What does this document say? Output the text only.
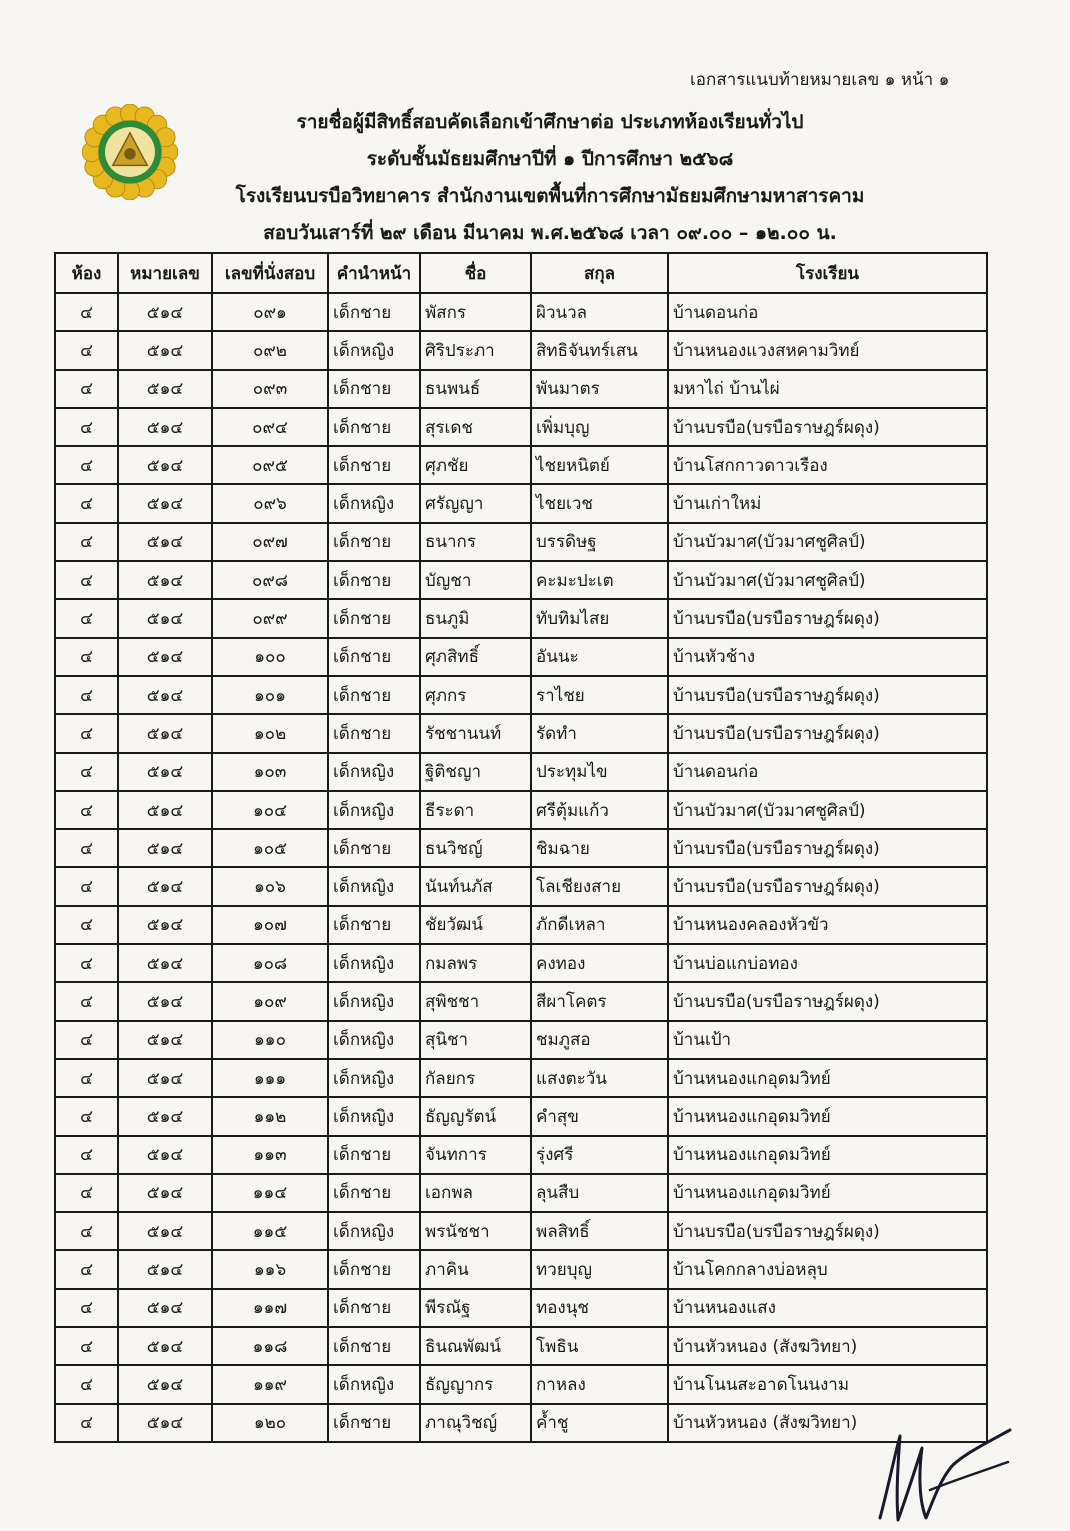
เอกสารแนบท้ายหมายเลข ๑ หน้า ๑
รายชื่อผู้มีสิทธิ์สอบคัดเลือกเข้าศึกษาต่อ ประเภทห้องเรียนทั่วไป
ระดับชั้นมัธยมศึกษาปีที่ ๑ ปีการศึกษา ๒๕๖๘
โรงเรียนบรบือวิทยาคาร สำนักงานเขตพื้นที่การศึกษามัธยมศึกษามหาสารคาม
สอบวันเสาร์ที่ ๒๙ เดือน มีนาคม พ.ศ.๒๕๖๘ เวลา ๐๙.๐๐ – ๑๒.๐๐ น.
ห้อง	หมายเลข	เลขที่นั่งสอบ	คำนำหน้า	ชื่อ	สกุล	โรงเรียน
๔	๕๑๔	๐๙๑	เด็กชาย	พัสกร	ผิวนวล	บ้านดอนก่อ
๔	๕๑๔	๐๙๒	เด็กหญิง	ศิริประภา	สิทธิจันทร์เสน	บ้านหนองแวงสหคามวิทย์
๔	๕๑๔	๐๙๓	เด็กชาย	ธนพนธ์	พันมาตร	มหาไถ่ บ้านไผ่
๔	๕๑๔	๐๙๔	เด็กชาย	สุรเดช	เพิ่มบุญ	บ้านบรบือ(บรบือราษฎร์ผดุง)
๔	๕๑๔	๐๙๕	เด็กชาย	ศุภชัย	ไชยหนิตย์	บ้านโสกกาวดาวเรือง
๔	๕๑๔	๐๙๖	เด็กหญิง	ศรัญญา	ไชยเวช	บ้านเก่าใหม่
๔	๕๑๔	๐๙๗	เด็กชาย	ธนากร	บรรดิษฐ	บ้านบัวมาศ(บัวมาศชูศิลป์)
๔	๕๑๔	๐๙๘	เด็กชาย	บัญชา	คะมะปะเต	บ้านบัวมาศ(บัวมาศชูศิลป์)
๔	๕๑๔	๐๙๙	เด็กชาย	ธนภูมิ	ทับทิมไสย	บ้านบรบือ(บรบือราษฎร์ผดุง)
๔	๕๑๔	๑๐๐	เด็กชาย	ศุภสิทธิ์	อันนะ	บ้านหัวช้าง
๔	๕๑๔	๑๐๑	เด็กชาย	ศุภกร	ราไชย	บ้านบรบือ(บรบือราษฎร์ผดุง)
๔	๕๑๔	๑๐๒	เด็กชาย	รัชชานนท์	รัดทำ	บ้านบรบือ(บรบือราษฎร์ผดุง)
๔	๕๑๔	๑๐๓	เด็กหญิง	ฐิติชญา	ประทุมไข	บ้านดอนก่อ
๔	๕๑๔	๑๐๔	เด็กหญิง	ธีระดา	ศรีตุ้มแก้ว	บ้านบัวมาศ(บัวมาศชูศิลป์)
๔	๕๑๔	๑๐๕	เด็กชาย	ธนวิชญ์	ชิมฉาย	บ้านบรบือ(บรบือราษฎร์ผดุง)
๔	๕๑๔	๑๐๖	เด็กหญิง	นันท์นภัส	โลเชียงสาย	บ้านบรบือ(บรบือราษฎร์ผดุง)
๔	๕๑๔	๑๐๗	เด็กชาย	ชัยวัฒน์	ภักดีเหลา	บ้านหนองคลองหัวขัว
๔	๕๑๔	๑๐๘	เด็กหญิง	กมลพร	คงทอง	บ้านบ่อแกบ่อทอง
๔	๕๑๔	๑๐๙	เด็กหญิง	สุพิชชา	สีผาโคตร	บ้านบรบือ(บรบือราษฎร์ผดุง)
๔	๕๑๔	๑๑๐	เด็กหญิง	สุนิชา	ชมภูสอ	บ้านเป้า
๔	๕๑๔	๑๑๑	เด็กหญิง	กัลยกร	แสงตะวัน	บ้านหนองแกอุดมวิทย์
๔	๕๑๔	๑๑๒	เด็กหญิง	ธัญญรัตน์	คำสุข	บ้านหนองแกอุดมวิทย์
๔	๕๑๔	๑๑๓	เด็กชาย	จันทการ	รุ่งศรี	บ้านหนองแกอุดมวิทย์
๔	๕๑๔	๑๑๔	เด็กชาย	เอกพล	ลุนสืบ	บ้านหนองแกอุดมวิทย์
๔	๕๑๔	๑๑๕	เด็กหญิง	พรนัชชา	พลสิทธิ์	บ้านบรบือ(บรบือราษฎร์ผดุง)
๔	๕๑๔	๑๑๖	เด็กชาย	ภาคิน	ทวยบุญ	บ้านโคกกลางบ่อหลุบ
๔	๕๑๔	๑๑๗	เด็กชาย	พีรณัฐ	ทองนุช	บ้านหนองแสง
๔	๕๑๔	๑๑๘	เด็กชาย	ธินณพัฒน์	โพธิน	บ้านหัวหนอง (สังฆวิทยา)
๔	๕๑๔	๑๑๙	เด็กหญิง	ธัญญากร	กาหลง	บ้านโนนสะอาดโนนงาม
๔	๕๑๔	๑๒๐	เด็กชาย	ภาณุวิชญ์	ค้ำชู	บ้านหัวหนอง (สังฆวิทยา)
